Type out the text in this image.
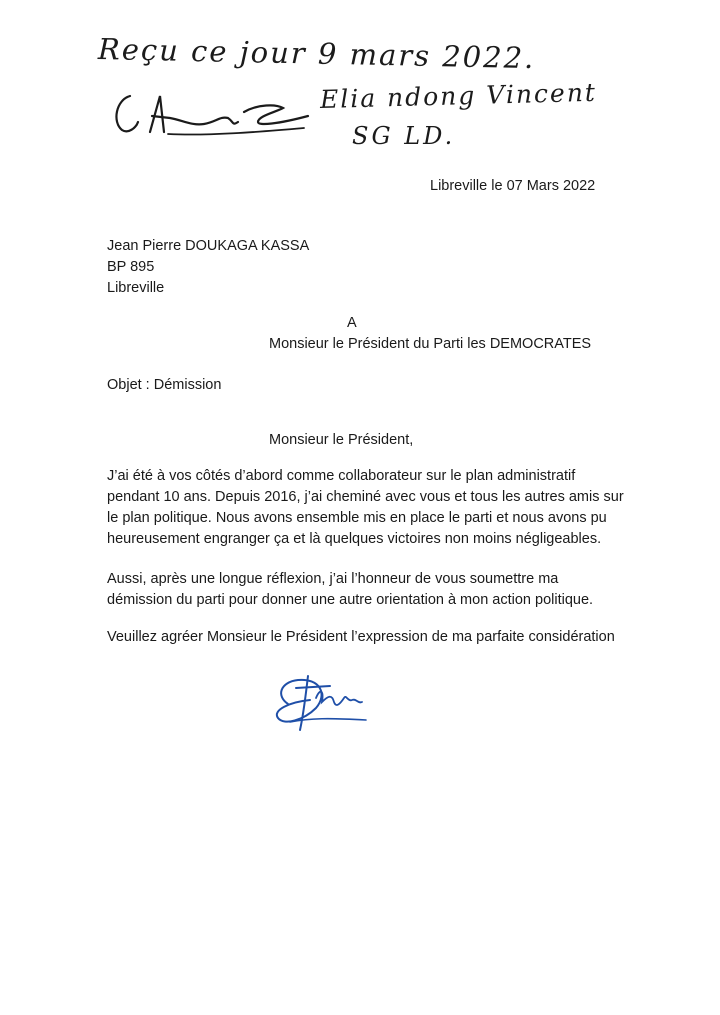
Reçu ce jour 9 mars 2022.
Elia ndong Vincent
SG LD.
Libreville le 07 Mars 2022
Jean Pierre DOUKAGA KASSA
BP 895
Libreville
A
Monsieur le Président du Parti les DEMOCRATES
Objet : Démission
Monsieur le Président,
J’ai été à vos côtés d’abord comme collaborateur sur le plan administratif
pendant 10 ans. Depuis 2016, j’ai cheminé avec vous et tous les autres amis sur
le plan politique. Nous avons ensemble mis en place le parti et nous avons pu
heureusement engranger ça et là quelques victoires non moins négligeables.
Aussi, après une longue réflexion, j’ai l’honneur de vous soumettre ma
démission du parti pour donner une autre orientation à mon action politique.
Veuillez agréer Monsieur le Président l’expression de ma parfaite considération
